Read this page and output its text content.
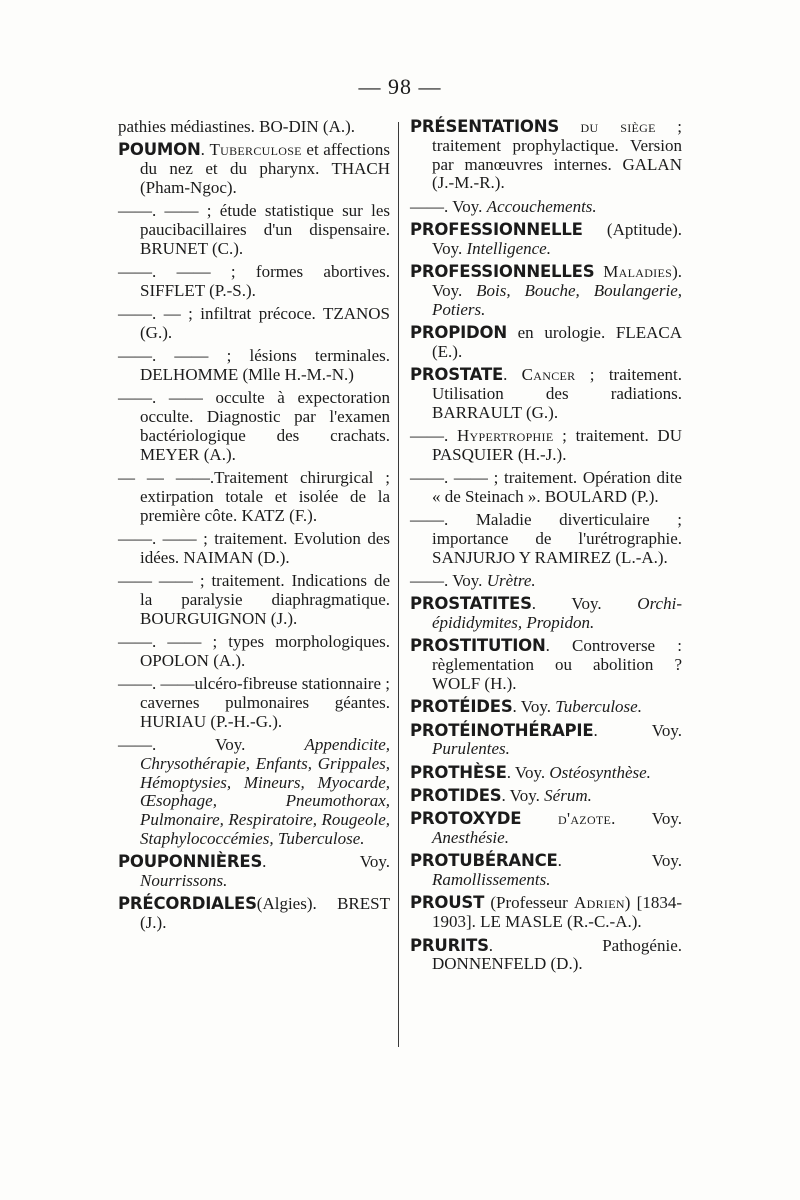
— 98 —

pathies médiastines. BO-DIN (A.).

POUMON. Tuberculose et affections du nez et du pharynx. THACH (Pham-Ngoc).

——. —— ; étude statistique sur les paucibacillaires d'un dispensaire. BRUNET (C.).

——. —— ; formes abortives. SIFFLET (P.-S.).

——. — ; infiltrat précoce. TZANOS (G.).

——. —— ; lésions terminales. DELHOMME (Mlle H.-M.-N.)

——. —— occulte à expectoration occulte. Diagnostic par l'examen bactériologique des crachats. MEYER (A.).

— — ——.Traitement chirurgical ; extirpation totale et isolée de la première côte. KATZ (F.).

——. —— ; traitement. Evolution des idées. NAIMAN (D.).

—— —— ; traitement. Indications de la paralysie diaphragmatique. BOURGUIGNON (J.).

——. —— ; types morphologiques. OPOLON (A.).

——. ——ulcéro-fibreuse stationnaire ; cavernes pulmonaires géantes. HURIAU (P.-H.-G.).

——. Voy. Appendicite, Chrysothérapie, Enfants, Grippales, Hémoptysies, Mineurs, Myocarde, Œsophage, Pneumothorax, Pulmonaire, Respiratoire, Rougeole, Staphylococcémies, Tuberculose.

POUPONNIÈRES. Voy. Nourrissons.

PRÉCORDIALES(Algies). BREST (J.).

PRÉSENTATIONS du siège ; traitement prophylactique. Version par manœuvres internes. GALAN (J.-M.-R.).

——. Voy. Accouchements.

PROFESSIONNELLE (Aptitude). Voy. Intelligence.

PROFESSIONNELLES Maladies). Voy. Bois, Bouche, Boulangerie, Potiers.

PROPIDON en urologie. FLEACA (E.).

PROSTATE. Cancer ; traitement. Utilisation des radiations. BARRAULT (G.).

——. Hypertrophie ; traitement. DU PASQUIER (H.-J.).

——. —— ; traitement. Opération dite « de Steinach ». BOULARD (P.).

——. Maladie diverticulaire ; importance de l'urétrographie. SANJURJO Y RAMIREZ (L.-A.).

——. Voy. Urètre.

PROSTATITES. Voy. Orchi-épididymites, Propidon.

PROSTITUTION. Controverse : règlementation ou abolition ? WOLF (H.).

PROTÉIDES. Voy. Tuberculose.

PROTÉINOTHÉRAPIE. Voy. Purulentes.

PROTHÈSE. Voy. Ostéosynthèse.

PROTIDES. Voy. Sérum.

PROTOXYDE d'azote. Voy. Anesthésie.

PROTUBÉRANCE. Voy. Ramollissements.

PROUST (Professeur Adrien) [1834-1903]. LE MASLE (R.-C.-A.).

PRURITS. Pathogénie. DONNENFELD (D.).
